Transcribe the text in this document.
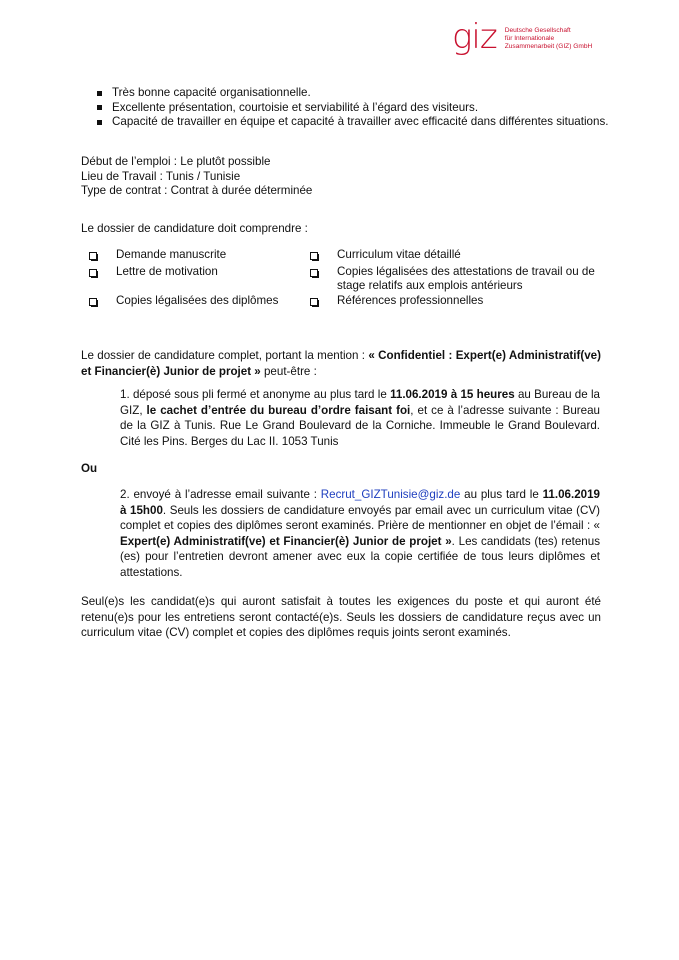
giz Deutsche Gesellschaft
für Internationale
Zusammenarbeit (GIZ) GmbH
Très bonne capacité organisationnelle.
Excellente présentation, courtoisie et serviabilité à l’égard des visiteurs.
Capacité de travailler en équipe et capacité à travailler avec efficacité dans différentes situations.
Début de l’emploi : Le plutôt possible
Lieu de Travail : Tunis / Tunisie
Type de contrat : Contrat à durée déterminée
Le dossier de candidature doit comprendre :
Demande manuscrite
Lettre de motivation
Copies légalisées des diplômes
Curriculum vitae détaillé
Copies légalisées des attestations de travail ou de
stage relatifs aux emplois antérieurs
Références professionnelles
Le dossier de candidature complet, portant la mention : « Confidentiel : Expert(e) Administratif(ve) et Financier(è) Junior de projet » peut-être :
1. déposé sous pli fermé et anonyme au plus tard le 11.06.2019 à 15 heures au Bureau de la GIZ, le cachet d’entrée du bureau d’ordre faisant foi, et ce à l’adresse suivante : Bureau de la GIZ à Tunis. Rue Le Grand Boulevard de la Corniche. Immeuble le Grand Boulevard. Cité les Pins. Berges du Lac II. 1053 Tunis
Ou
2. envoyé à l’adresse email suivante : Recrut_GIZTunisie@giz.de au plus tard le 11.06.2019 à 15h00. Seuls les dossiers de candidature envoyés par email avec un curriculum vitae (CV) complet et copies des diplômes seront examinés. Prière de mentionner en objet de l’émail : « Expert(e) Administratif(ve) et Financier(è) Junior de projet ». Les candidats (tes) retenus (es) pour l’entretien devront amener avec eux la copie certifiée de tous leurs diplômes et attestations.
Seul(e)s les candidat(e)s qui auront satisfait à toutes les exigences du poste et qui auront été retenu(e)s pour les entretiens seront contacté(e)s. Seuls les dossiers de candidature reçus avec un curriculum vitae (CV) complet et copies des diplômes requis joints seront examinés.
